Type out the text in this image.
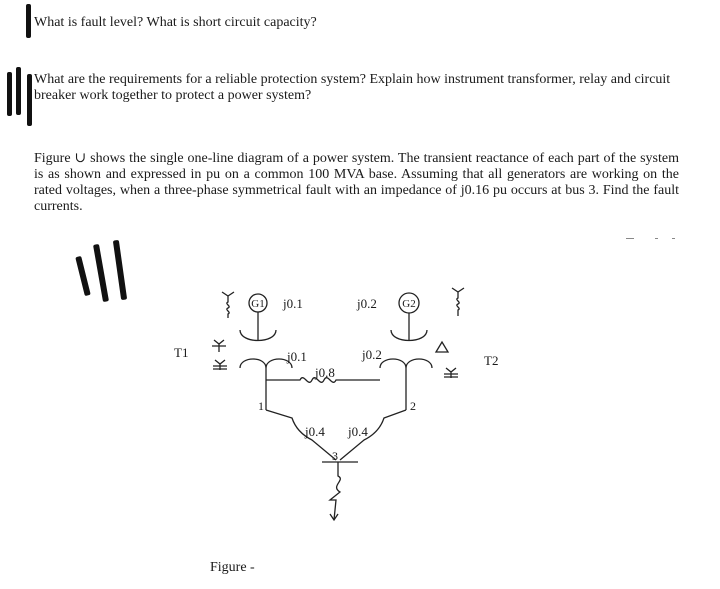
What is fault level? What is short circuit capacity?
What are the requirements for a reliable protection system? Explain how instrument transformer, relay and circuit breaker work together to protect a power system?
Figure ∪ shows the single one-line diagram of a power system. The transient reactance of each part of the system is as shown and expressed in pu on a common 100 MVA base. Assuming that all generators are working on the rated voltages, when a three-phase symmetrical fault with an impedance of j0.16 pu occurs at bus 3. Find the fault currents.
G1 j0.1
T1	j0.1
1
j0.8
G2
j0.2
T2
j0.2
2
j0.4 j0.4
3
Figure -
